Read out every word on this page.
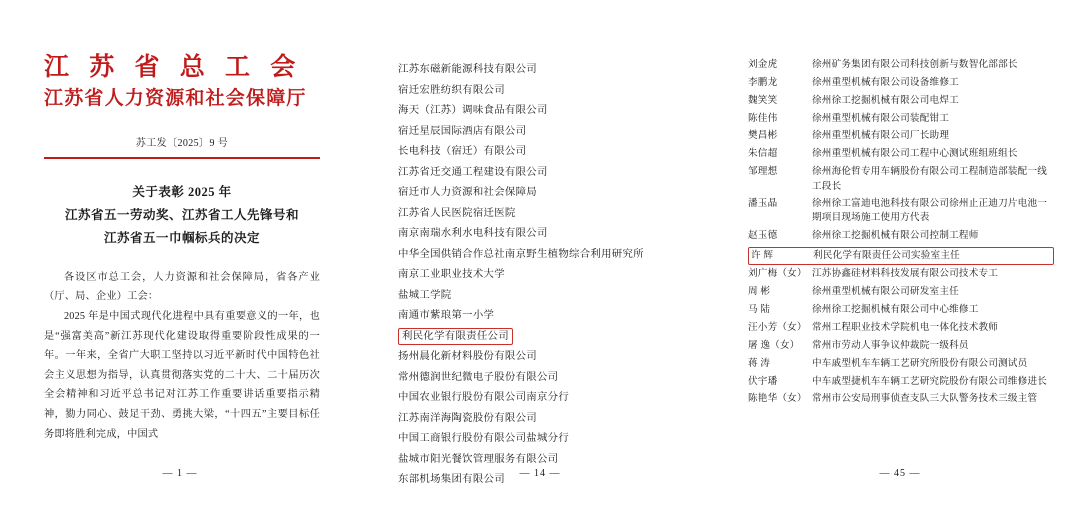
江 苏 省 总 工 会
江苏省人力资源和社会保障厅
苏工发〔2025〕9 号
关于表彰 2025 年
江苏省五一劳动奖、江苏省工人先锋号和
江苏省五一巾帼标兵的决定

各设区市总工会，人力资源和社会保障局，省各产业（厅、局、企业）工会：

2025 年是中国式现代化进程中具有重要意义的一年，也是“强富美高”新江苏现代化建设取得重要阶段性成果的一年。一年来，全省广大职工坚持以习近平新时代中国特色社会主义思想为指导，认真贯彻落实党的二十大、二十届历次全会精神和习近平总书记对江苏工作重要讲话重要指示精神，勠力同心、鼓足干劲、勇挑大梁，“十四五”主要目标任务即将胜利完成，中国式

— 1 —
江苏东磁新能源科技有限公司
宿迁宏胜纺织有限公司
海天（江苏）调味食品有限公司
宿迁星辰国际酒店有限公司
长电科技（宿迁）有限公司
江苏省迁交通工程建设有限公司
宿迁市人力资源和社会保障局
江苏省人民医院宿迁医院
南京南瑞水利水电科技有限公司
中华全国供销合作总社南京野生植物综合利用研究所
南京工业职业技术大学
盐城工学院
南通市紫琅第一小学
利民化学有限责任公司
扬州晨化新材料股份有限公司
常州德润世纪微电子股份有限公司
中国农业银行股份有限公司南京分行
江苏南洋海陶瓷股份有限公司
中国工商银行股份有限公司盐城分行
盐城市阳光餐饮管理服务有限公司
东部机场集团有限公司
— 14 —
刘金虎	徐州矿务集团有限公司科技创新与数智化部部长
李鹏龙	徐州重型机械有限公司设备维修工
魏笑笑	徐州徐工挖掘机械有限公司电焊工
陈佳伟	徐州重型机械有限公司装配钳工
樊昌彬	徐州重型机械有限公司厂长助理
朱信超	徐州重型机械有限公司工程中心测试班组班组长
邹理想	徐州海伦哲专用车辆股份有限公司工程制造部装配一线工段长
潘玉晶	徐州徐工富迪电池科技有限公司徐州止正迪刀片电池一期项目现场施工使用方代表
赵玉德	徐州徐工挖掘机械有限公司控制工程师
许 辉	利民化学有限责任公司实验室主任
刘广梅（女） 江苏协鑫硅材料科技发展有限公司技术专工
周 彬	徐州重型机械有限公司研发室主任
马 陆	徐州徐工挖掘机械有限公司中心维修工
汪小芳（女） 常州工程职业技术学院机电一体化技术教师
屠 逸（女）	常州市劳动人事争议仲裁院一级科员
蒋 涛	中车戚型机车车辆工艺研究所股份有限公司测试员
伏宇璠	中车戚型捷机车车辆工艺研究院股份有限公司维修进长
陈艳华（女） 常州市公安局刑事侦查支队三大队警务技术三级主管
— 45 —
